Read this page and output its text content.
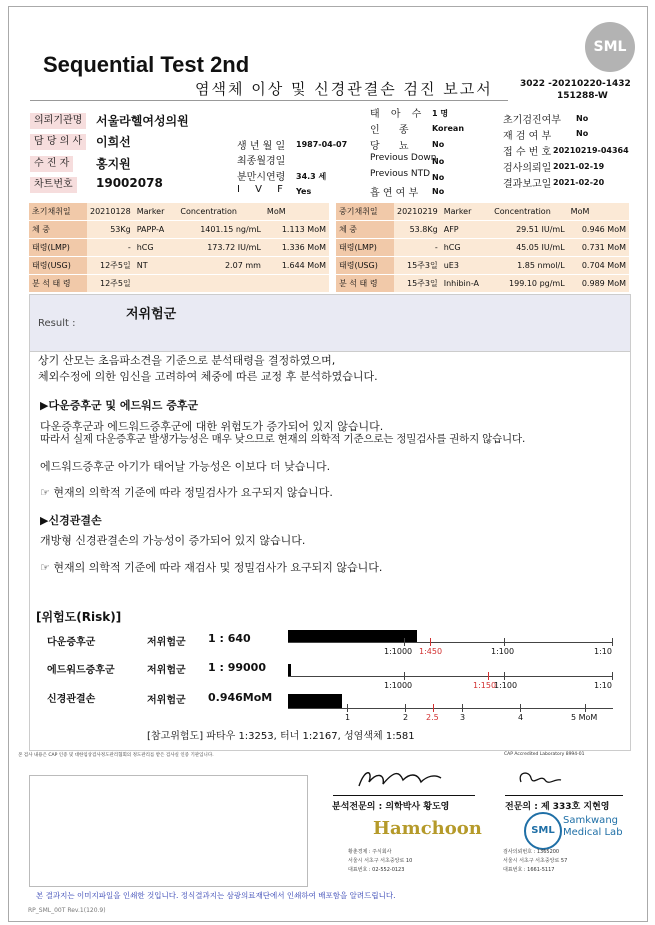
SML
Sequential Test 2nd
염색체 이상 및 신경관결손 검진 보고서	3022 -20210220-1432
151288-W
의뢰기관명	서울라헬여성의원
담 당 의 사	이희선
수 진 자	홍지원
차트번호	19002078
생 년 월 일 1987-04-07
최종월경일
분만시연령 34.3 세
I V F Yes
태 아 수 1 명
인 종 Korean
당 뇨 No
Previous Down
No
Previous NTD No
흡 연 여 부 No
초기검진여부 No
재 검 여 부	No
접 수 번 호 20210219-04364
검사의뢰일 2021-02-19
결과보고일 2021-02-20
초기채취일	20210128	Marker	Concentration	MoM
체 중	53Kg	PAPP-A	1401.15 ng/mL	1.113 MoM
태령(LMP)	-	hCG	173.72 IU/mL	1.336 MoM
태령(USG)	12주5일	NT	2.07 mm	1.644 MoM
분 석 태 령	12주5일			
중기채취일	20210219	Marker	Concentration	MoM
체 중	53.8Kg	AFP	29.51 IU/mL	0.946 MoM
태령(LMP)	-	hCG	45.05 IU/mL	0.731 MoM
태령(USG)	15주3일	uE3	1.85 nmol/L	0.704 MoM
분 석 태 령	15주3일	Inhibin-A	199.10 pg/mL	0.989 MoM
Result :
저위험군
상기 산모는 초음파소견을 기준으로 분석태령을 결정하였으며,
체외수정에 의한 임신을 고려하여 체중에 따른 교정 후 분석하였습니다.
▶다운증후군 및 에드워드 증후군
다운증후군과 에드워드증후군에 대한 위험도가 증가되어 있지 않습니다.
따라서 실제 다운증후군 발생가능성은 매우 낮으므로 현재의 의학적 기준으로는 정밀검사를 권하지 않습니다.
에드워드증후군 아기가 태어날 가능성은 이보다 더 낮습니다.
☞ 현재의 의학적 기준에 따라 정밀검사가 요구되지 않습니다.
▶신경관결손
개방형 신경관결손의 가능성이 증가되어 있지 않습니다.
☞ 현재의 의학적 기준에 따라 재검사 및 정밀검사가 요구되지 않습니다.
[위험도(Risk)]
다운증후군	저위험군 1 : 640
1:1000 1:450	1:100	1:10
에드워드증후군	저위험군 1 : 99000
1:1000	1:150
1:100	1:10
신경관결손	저위험군 0.946MoM
1	2 2.5	3	4	5 MoM
[참고위험도] 파타우 1:3253, 터너 1:2167, 성염색체 1:581
본 검사 내용은 CAP 인증 및 대한임상검사정도관리협회의 정도관리를 받은 검사실 인증 기관입니다.	CAP Accredited Laboratory 8994-01
분석전문의 : 의학박사 황도영	전문의 : 제 333호 지현영
Hamchoon
황춘경제 : 주식회사
서울시 서초구 서초중앙로 10
대표번호 : 02-552-0123
SML
Samkwang
Medical Lab
검사의뢰번호 : 1365200
서울시 서초구 서초중앙로 57
대표번호 : 1661-5117
본 결과지는 이미지파일을 인쇄한 것입니다. 정식결과지는 삼광의료재단에서 인쇄하여 배포함을 알려드립니다.
RP_SML_00T Rev.1(120.9)
